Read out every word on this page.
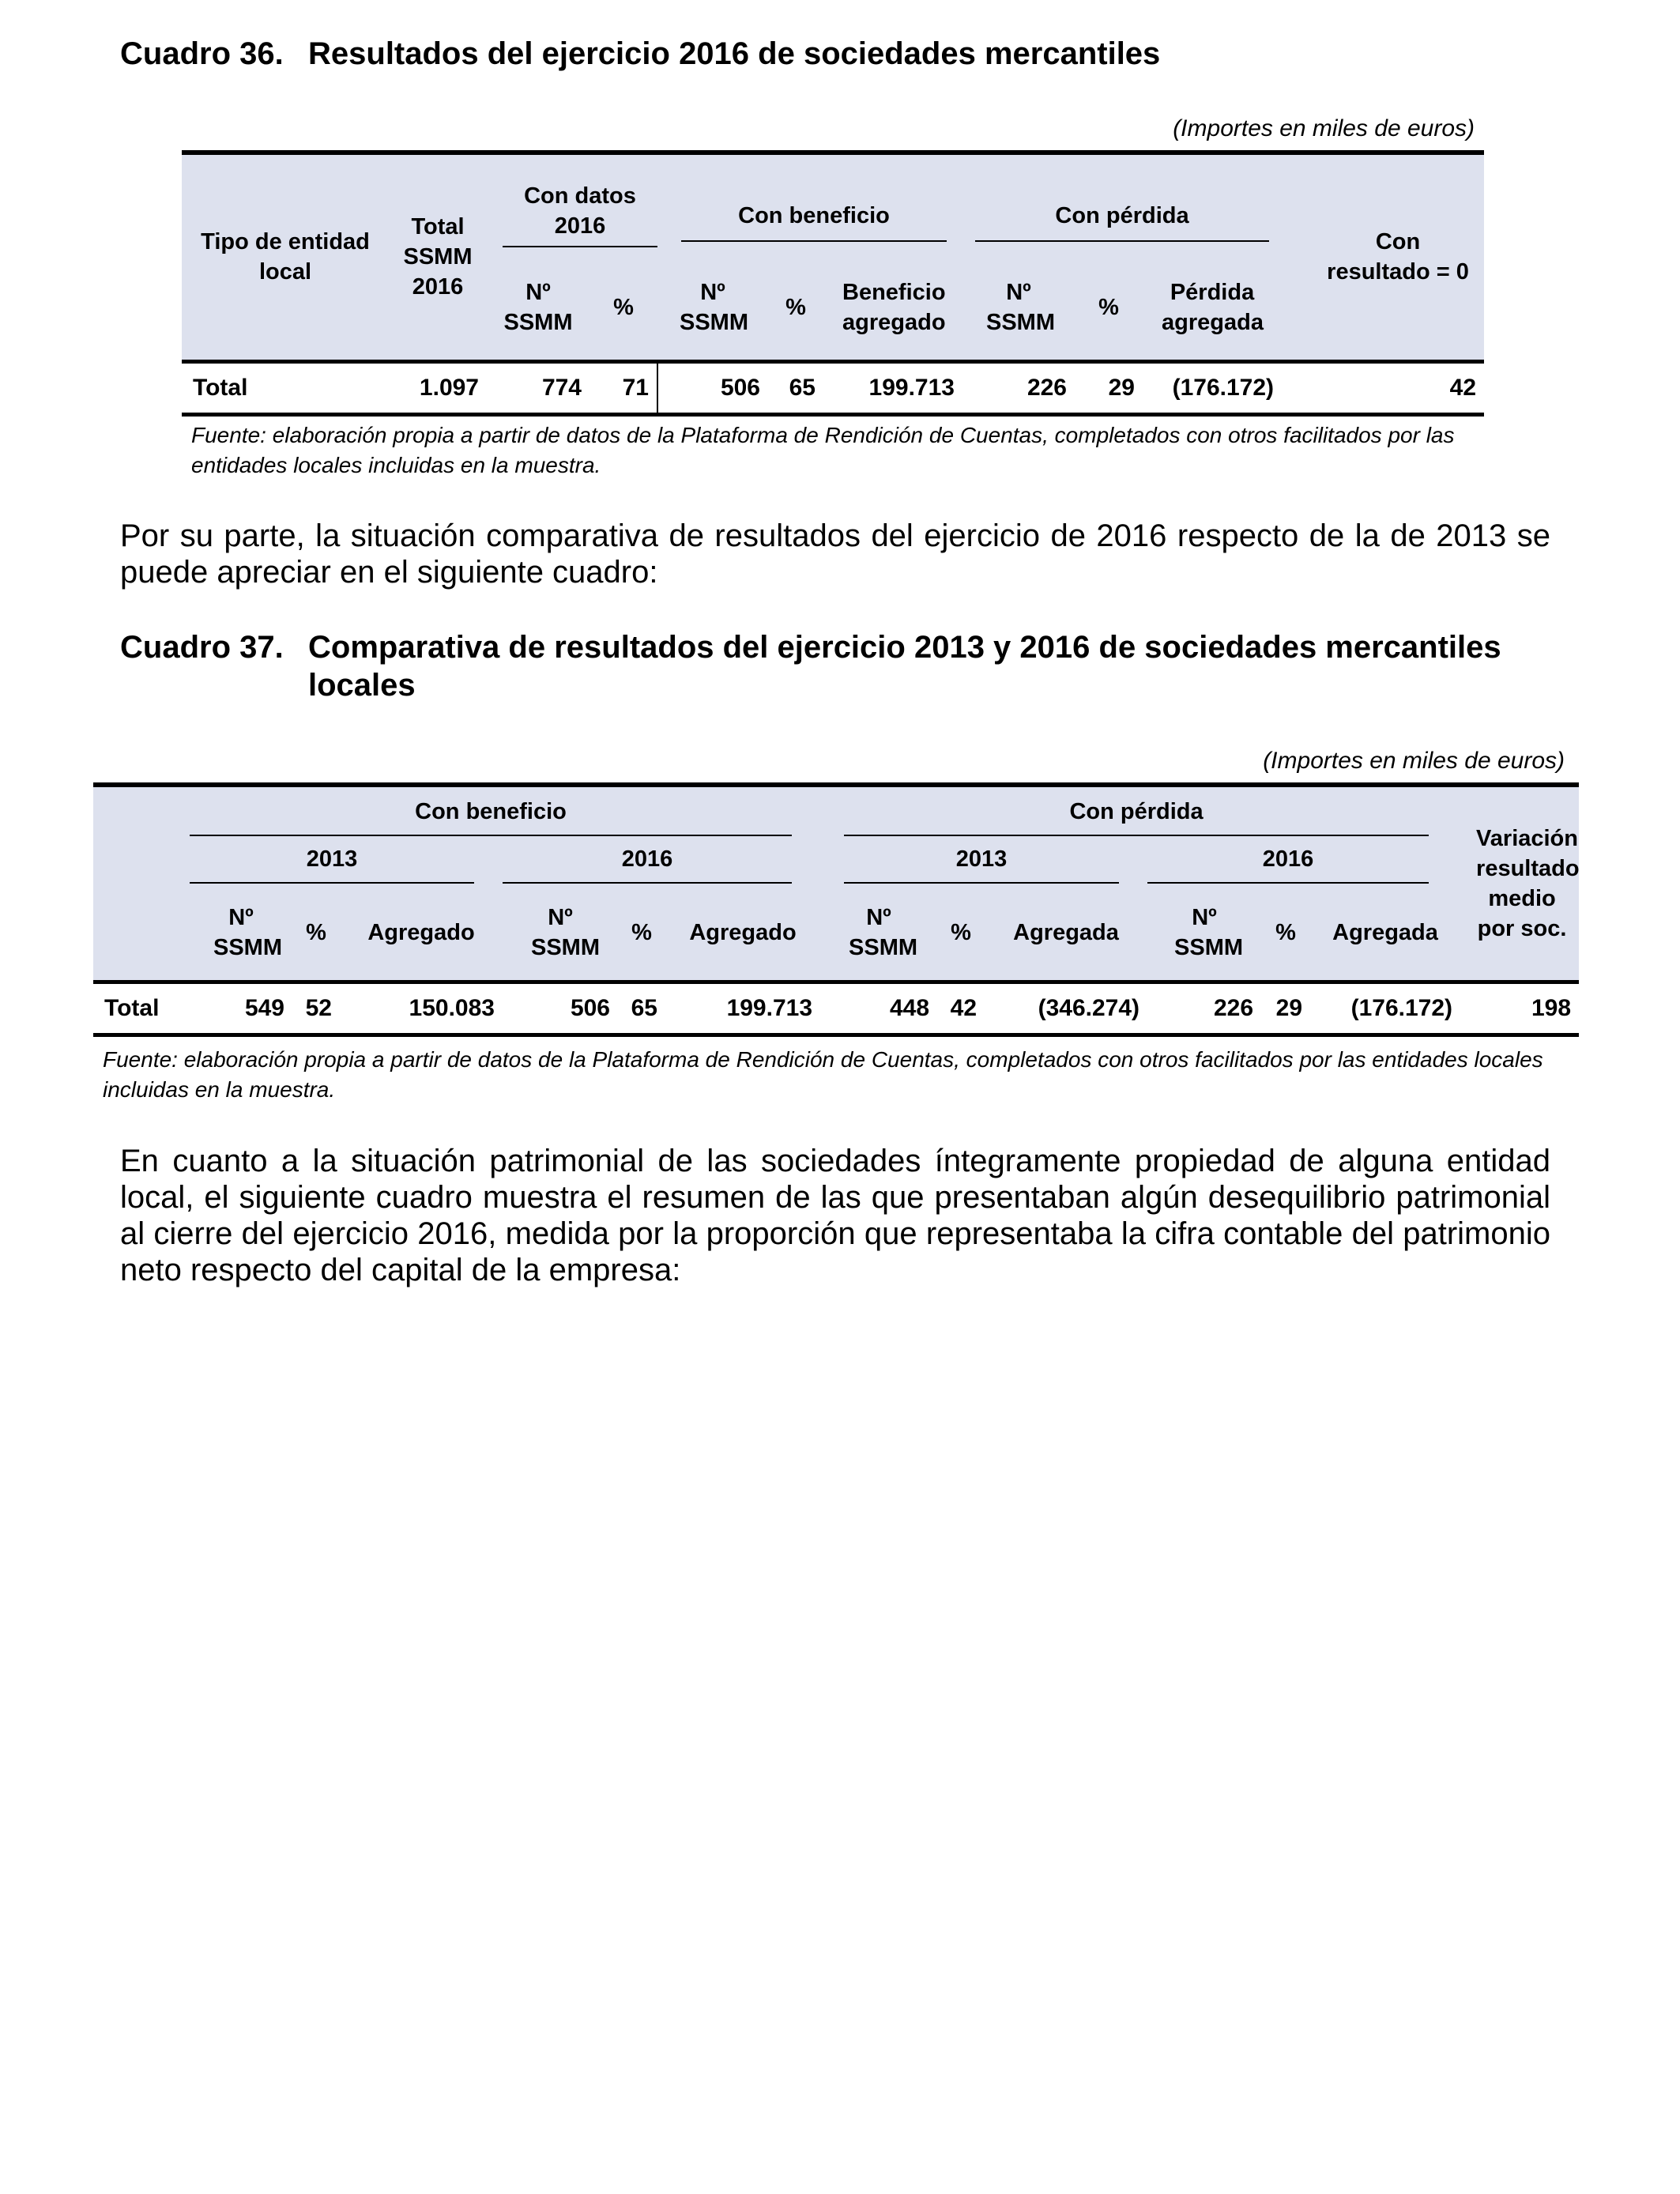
Cuadro 36. Resultados del ejercicio 2016 de sociedades mercantiles
(Importes en miles de euros)
Tipo de entidad local	Total SSMM 2016	Con datos 2016		Con beneficio			Con pérdida			Con resultado = 0
		Nº SSMM	%	Nº SSMM	%	Beneficio agregado	Nº SSMM	%	Pérdida agregada	
Total	1.097	774	71	506	65	199.713	226	29	(176.172)	42
Fuente: elaboración propia a partir de datos de la Plataforma de Rendición de Cuentas, completados con otros facilitados por las entidades locales incluidas en la muestra.
Por su parte, la situación comparativa de resultados del ejercicio de 2016 respecto de la de 2013 se puede apreciar en el siguiente cuadro:
Cuadro 37. Comparativa de resultados del ejercicio 2013 y 2016 de sociedades mercantiles locales
(Importes en miles de euros)

	Con beneficio						Con pérdida						Variación resultado medio por soc.

	2013			2016			2013			2016			

	Nº SSMM	%	Agregado	Nº SSMM	%	Agregado	Nº SSMM	%	Agregada	Nº SSMM	%	Agregada	
Total	549	52	150.083	506	65	199.713	448	42	(346.274)	226	29	(176.172)	198
Fuente: elaboración propia a partir de datos de la Plataforma de Rendición de Cuentas, completados con otros facilitados por las entidades locales incluidas en la muestra.
En cuanto a la situación patrimonial de las sociedades íntegramente propiedad de alguna entidad local, el siguiente cuadro muestra el resumen de las que presentaban algún desequilibrio patrimonial al cierre del ejercicio 2016, medida por la proporción que representaba la cifra contable del patrimonio neto respecto del capital de la empresa:
